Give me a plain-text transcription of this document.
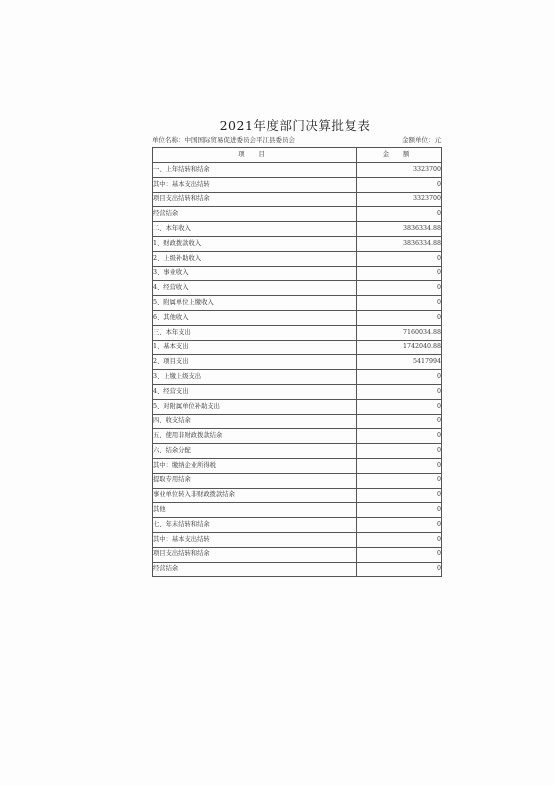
2021年度部门决算批复表
单位名称：中国国际贸易促进委员会平江县委员会	金额单位：元
项 目	金 额
一、上年结转和结余	3323700
其中：基本支出结转	0
项目支出结转和结余	3323700
经营结余	0
二、本年收入	3836334.88
1、财政拨款收入	3836334.88
2、上级补助收入	0
3、事业收入	0
4、经营收入	0
5、附属单位上缴收入	0
6、其他收入	0
三、本年支出	7160034.88
1、基本支出	1742040.88
2、项目支出	5417994
3、上缴上级支出	0
4、经营支出	0
5、对附属单位补助支出	0
四、收支结余	0
五、使用非财政拨款结余	0
六、结余分配	0
其中：缴纳企业所得税	0
提取专用结余	0
事业单位转入非财政拨款结余	0
其他	0
七、年末结转和结余	0
其中：基本支出结转	0
项目支出结转和结余	0
经营结余	0
